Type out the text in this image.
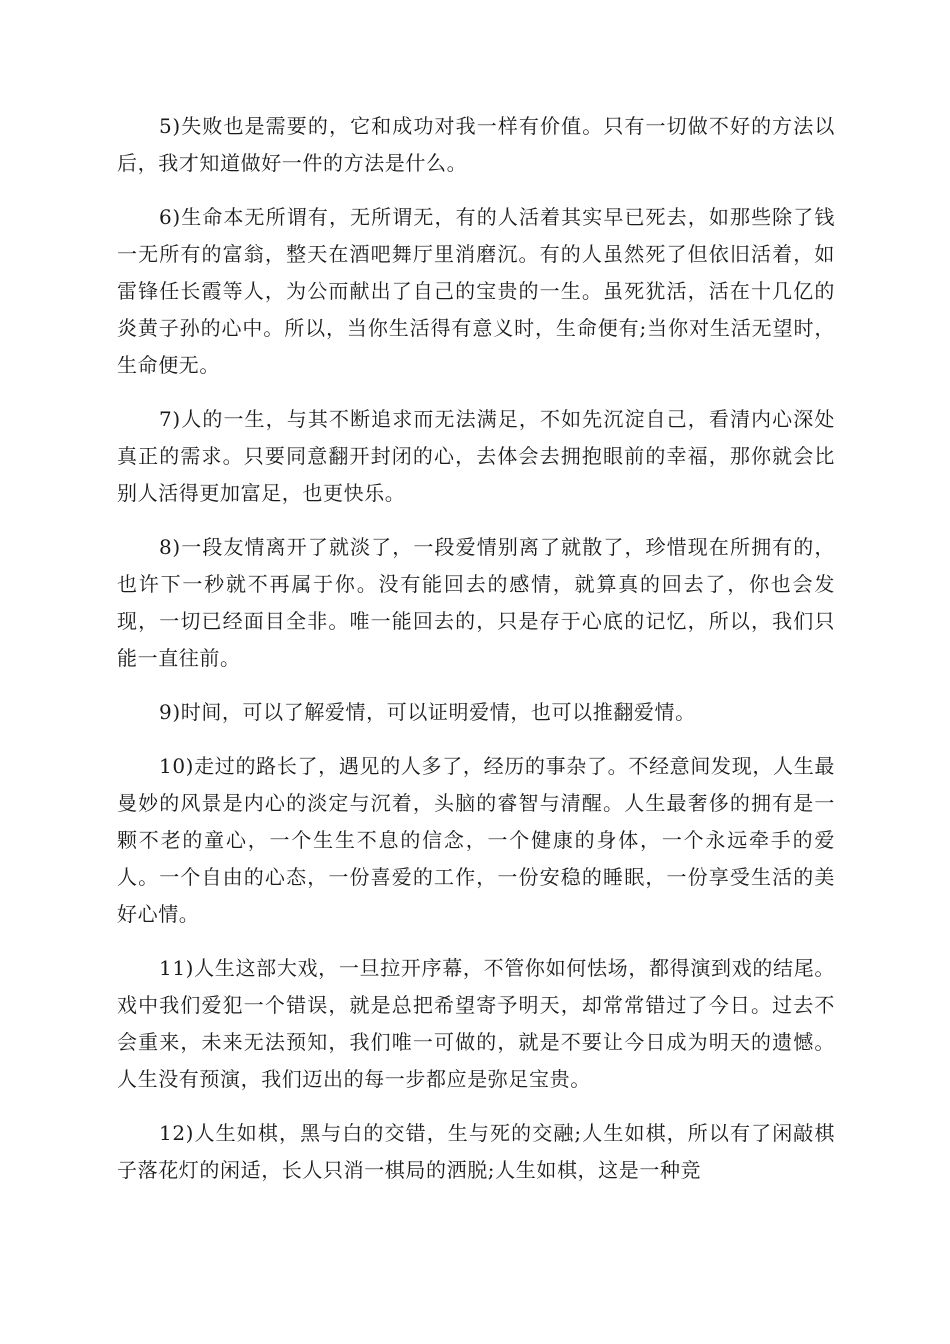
5)失败也是需要的，它和成功对我一样有价值。只有一切做不好的方法以后，我才知道做好一件的方法是什么。

6)生命本无所谓有，无所谓无，有的人活着其实早已死去，如那些除了钱一无所有的富翁，整天在酒吧舞厅里消磨沉。有的人虽然死了但依旧活着，如雷锋任长霞等人，为公而献出了自己的宝贵的一生。虽死犹活，活在十几亿的炎黄子孙的心中。所以，当你生活得有意义时，生命便有;当你对生活无望时，生命便无。

7)人的一生，与其不断追求而无法满足，不如先沉淀自己，看清内心深处真正的需求。只要同意翻开封闭的心，去体会去拥抱眼前的幸福，那你就会比别人活得更加富足，也更快乐。

8)一段友情离开了就淡了，一段爱情别离了就散了，珍惜现在所拥有的，也许下一秒就不再属于你。没有能回去的感情，就算真的回去了，你也会发现，一切已经面目全非。唯一能回去的，只是存于心底的记忆，所以，我们只能一直往前。

9)时间，可以了解爱情，可以证明爱情，也可以推翻爱情。

10)走过的路长了，遇见的人多了，经历的事杂了。不经意间发现，人生最曼妙的风景是内心的淡定与沉着，头脑的睿智与清醒。人生最奢侈的拥有是一颗不老的童心，一个生生不息的信念，一个健康的身体，一个永远牵手的爱人。一个自由的心态，一份喜爱的工作，一份安稳的睡眠，一份享受生活的美好心情。

11)人生这部大戏，一旦拉开序幕，不管你如何怯场，都得演到戏的结尾。戏中我们爱犯一个错误，就是总把希望寄予明天，却常常错过了今日。过去不会重来，未来无法预知，我们唯一可做的，就是不要让今日成为明天的遗憾。人生没有预演，我们迈出的每一步都应是弥足宝贵。

12)人生如棋，黑与白的交错，生与死的交融;人生如棋，所以有了闲敲棋子落花灯的闲适，长人只消一棋局的洒脱;人生如棋，这是一种竞
